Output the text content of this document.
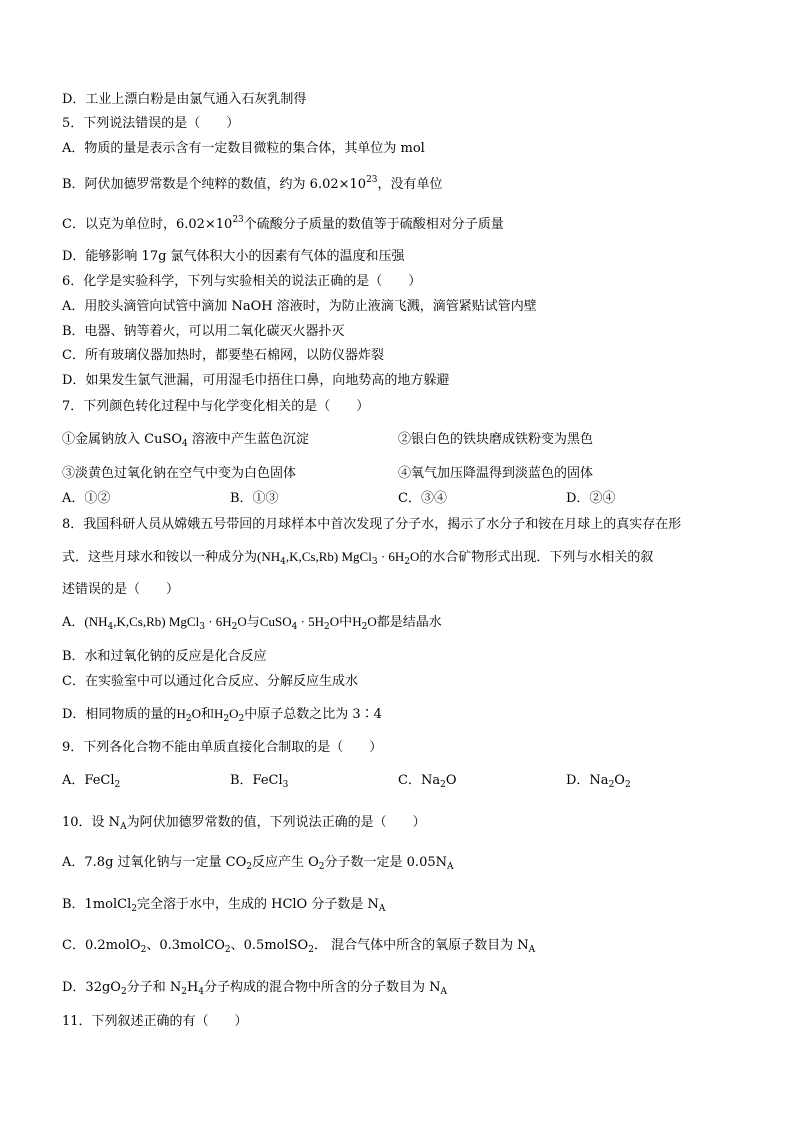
D．工业上漂白粉是由氯气通入石灰乳制得
5．下列说法错误的是（　　）
A．物质的量是表示含有一定数目微粒的集合体，其单位为 mol
B．阿伏加德罗常数是个纯粹的数值，约为 $6.02\times 10^{23}$，没有单位
C．以克为单位时，$6.02\times 10^{23}$个硫酸分子质量的数值等于硫酸相对分子质量
D．能够影响 17g 氯气体积大小的因素有气体的温度和压强
6．化学是实验科学，下列与实验相关的说法正确的是（　　）
A．用胶头滴管向试管中滴加 NaOH 溶液时，为防止液滴飞溅，滴管紧贴试管内壁
B．电器、钠等着火，可以用二氧化碳灭火器扑灭
C．所有玻璃仪器加热时，都要垫石棉网，以防仪器炸裂
D．如果发生氯气泄漏，可用湿毛巾捂住口鼻，向地势高的地方躲避
7．下列颜色转化过程中与化学变化相关的是（　　）
①金属钠放入 CuSO$_4$ 溶液中产生蓝色沉淀	②银白色的铁块磨成铁粉变为黑色
③淡黄色过氧化钠在空气中变为白色固体	④氧气加压降温得到淡蓝色的固体
A．①②	B．①③	C．③④	D．②④
8．我国科研人员从嫦娥五号带回的月球样本中首次发现了分子水，揭示了水分子和铵在月球上的真实存在形
式．这些月球水和铵以一种成分为$(NH_4,K,Cs,Rb)$ MgCl$_3$ · $6H_2O$的水合矿物形式出现．下列与水相关的叙
述错误的是（　　）
A．$(NH_4,K,Cs,Rb)$ MgCl$_3$ · $6H_2O$与CuSO$_4$ · $5H_2O$中$H_2O$都是结晶水
B．水和过氧化钠的反应是化合反应
C．在实验室中可以通过化合反应、分解反应生成水
D．相同物质的量的$H_2O$和$H_2O_2$中原子总数之比为 3∶4
9．下列各化合物不能由单质直接化合制取的是（　　）
A．FeCl$_2$	B．FeCl$_3$	C．$Na_2O$	D．$Na_2O_2$
10．设 $N_A$为阿伏加德罗常数的值，下列说法正确的是（　　）
A．7.8g 过氧化钠与一定量 $CO_2$反应产生 $O_2$分子数一定是 $0.05N_A$
B．1molCl$_2$完全溶于水中，生成的 HClO 分子数是 $N_A$
C．0.2molO$_2$、0.3molCO$_2$、0.5molSO$_2$． 混合气体中所含的氧原子数目为 $N_A$
D．$32gO_2$分子和 $N_2H_4$分子构成的混合物中所含的分子数目为 $N_A$
11．下列叙述正确的有（　　）
